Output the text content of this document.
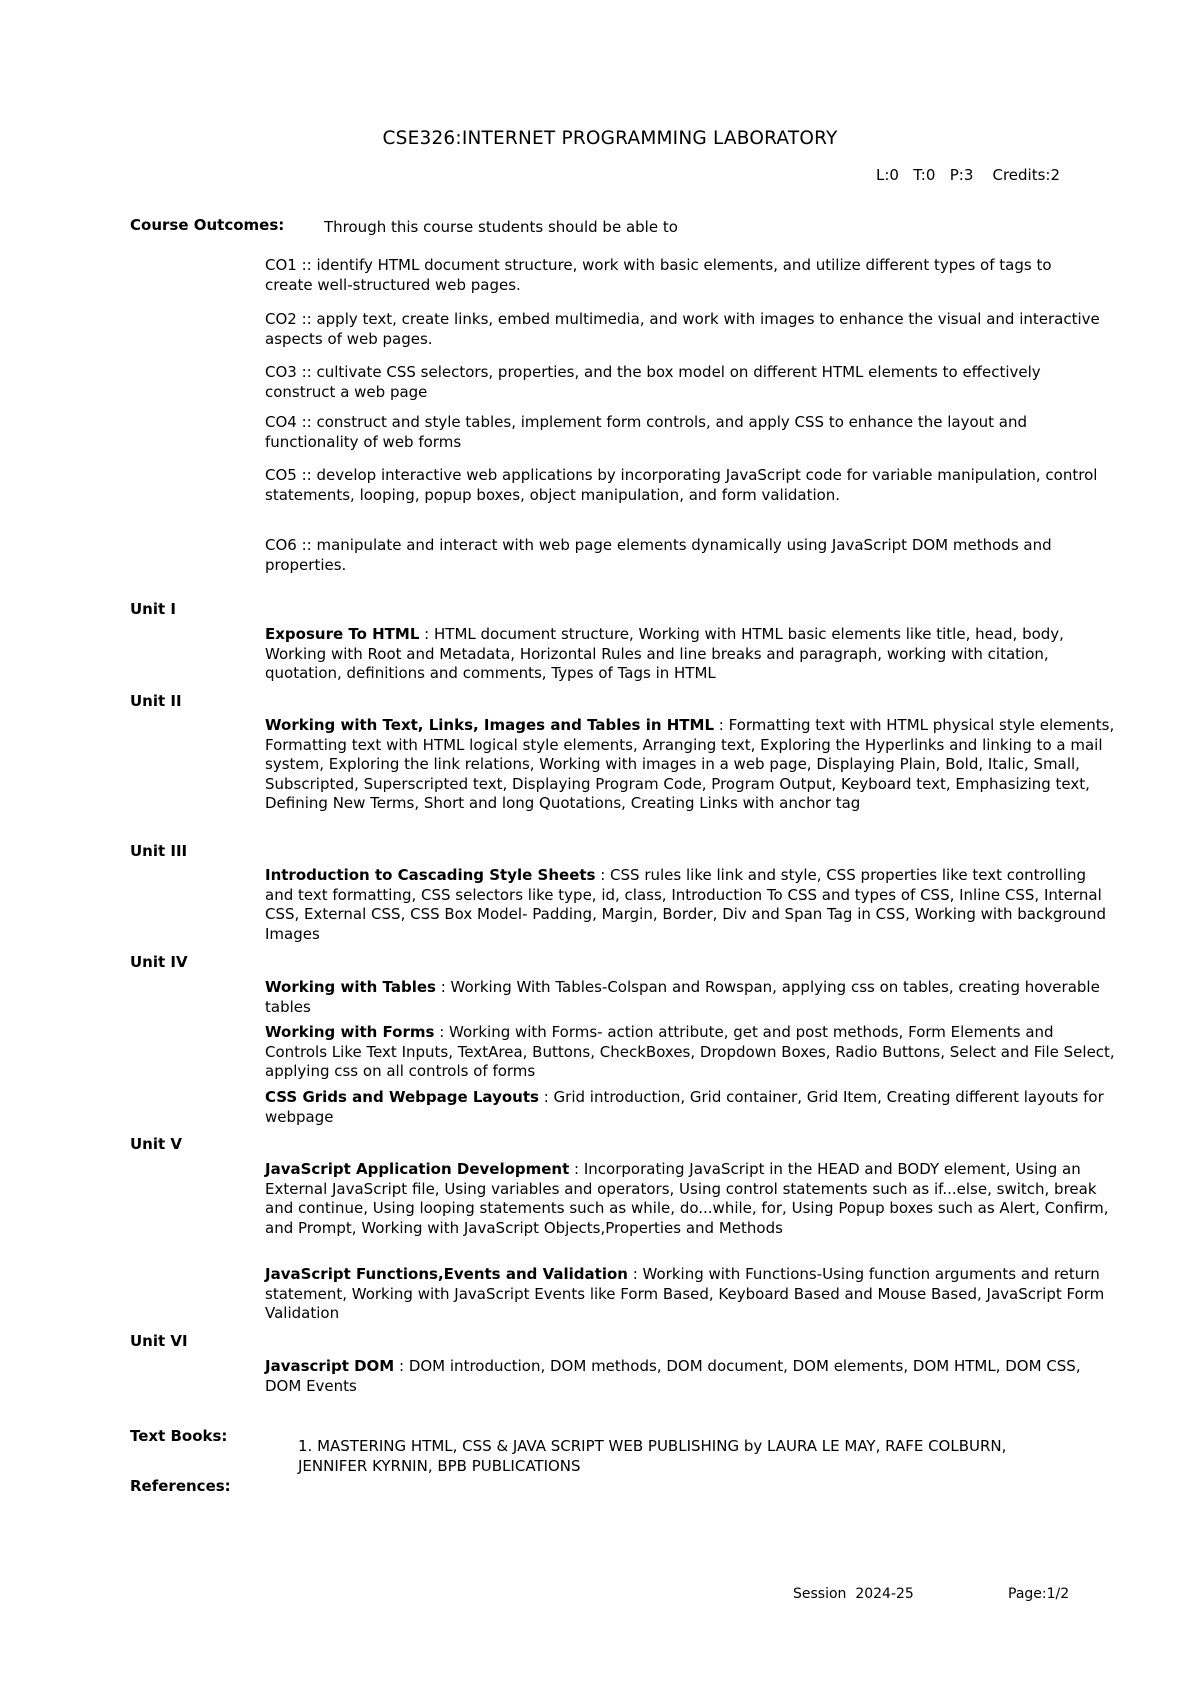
CSE326:INTERNET PROGRAMMING LABORATORY
L:0 T:0 P:3 Credits:2
Course Outcomes:	Through this course students should be able to
CO1 :: identify HTML document structure, work with basic elements, and utilize different types of tags to create well-structured web pages.
CO2 :: apply text, create links, embed multimedia, and work with images to enhance the visual and interactive aspects of web pages.
CO3 :: cultivate CSS selectors, properties, and the box model on different HTML elements to effectively construct a web page
CO4 :: construct and style tables, implement form controls, and apply CSS to enhance the layout and functionality of web forms
CO5 :: develop interactive web applications by incorporating JavaScript code for variable manipulation, control statements, looping, popup boxes, object manipulation, and form validation.
CO6 :: manipulate and interact with web page elements dynamically using JavaScript DOM methods and properties.
Unit I

Exposure To HTML : HTML document structure, Working with HTML basic elements like title, head, body, Working with Root and Metadata, Horizontal Rules and line breaks and paragraph, working with citation, quotation, definitions and comments, Types of Tags in HTML

Unit II

Working with Text, Links, Images and Tables in HTML : Formatting text with HTML physical style elements, Formatting text with HTML logical style elements, Arranging text, Exploring the Hyperlinks and linking to a mail system, Exploring the link relations, Working with images in a web page, Displaying Plain, Bold, Italic, Small, Subscripted, Superscripted text, Displaying Program Code, Program Output, Keyboard text, Emphasizing text, Defining New Terms, Short and long Quotations, Creating Links with anchor tag

Unit III

Introduction to Cascading Style Sheets : CSS rules like link and style, CSS properties like text controlling and text formatting, CSS selectors like type, id, class, Introduction To CSS and types of CSS, Inline CSS, Internal CSS, External CSS, CSS Box Model- Padding, Margin, Border, Div and Span Tag in CSS, Working with background Images

Unit IV

Working with Tables : Working With Tables-Colspan and Rowspan, applying css on tables, creating hoverable tables

Working with Forms : Working with Forms- action attribute, get and post methods, Form Elements and Controls Like Text Inputs, TextArea, Buttons, CheckBoxes, Dropdown Boxes, Radio Buttons, Select and File Select, applying css on all controls of forms

CSS Grids and Webpage Layouts : Grid introduction, Grid container, Grid Item, Creating different layouts for webpage

Unit V

JavaScript Application Development : Incorporating JavaScript in the HEAD and BODY element, Using an External JavaScript file, Using variables and operators, Using control statements such as if...else, switch, break and continue, Using looping statements such as while, do...while, for, Using Popup boxes such as Alert, Confirm, and Prompt, Working with JavaScript Objects,Properties and Methods

JavaScript Functions,Events and Validation : Working with Functions-Using function arguments and return statement, Working with JavaScript Events like Form Based, Keyboard Based and Mouse Based, JavaScript Form Validation

Unit VI

Javascript DOM : DOM introduction, DOM methods, DOM document, DOM elements, DOM HTML, DOM CSS, DOM Events

Text Books:
1. MASTERING HTML, CSS & JAVA SCRIPT WEB PUBLISHING by LAURA LE MAY, RAFE COLBURN, JENNIFER KYRNIN, BPB PUBLICATIONS
References:
Session  2024-25	Page:1/2
